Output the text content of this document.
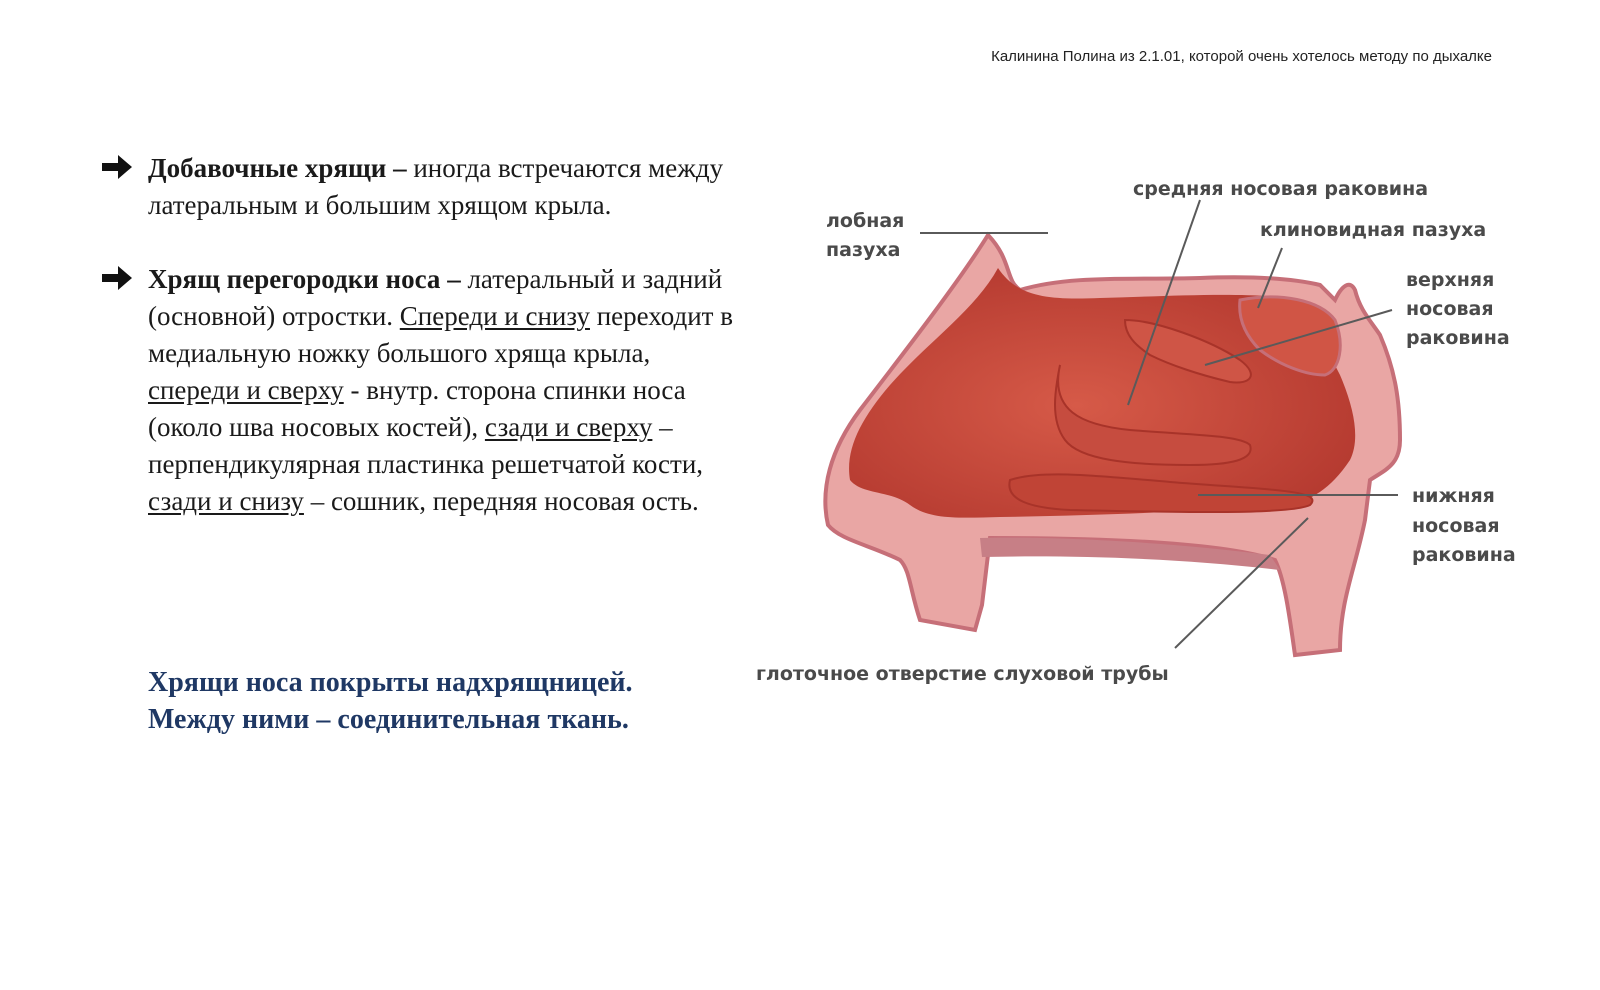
Калинина Полина из 2.1.01, которой очень хотелось методу по дыхалке
Добавочные хрящи – иногда встречаются между латеральным и большим хрящом крыла.
Хрящ перегородки носа – латеральный и задний (основной) отростки. Спереди и снизу переходит в медиальную ножку большого хряща крыла, спереди и сверху - внутр. сторона спинки носа (около шва носовых костей), сзади и сверху – перпендикулярная пластинка решетчатой кости, сзади и снизу – сошник, передняя носовая ость.
Хрящи носа покрыты надхрящницей.
Между ними – соединительная ткань.
лобная
пазуха
средняя носовая раковина
клиновидная пазуха
верхняя
носовая
раковина
нижняя
носовая
раковина
глоточное отверстие слуховой трубы
